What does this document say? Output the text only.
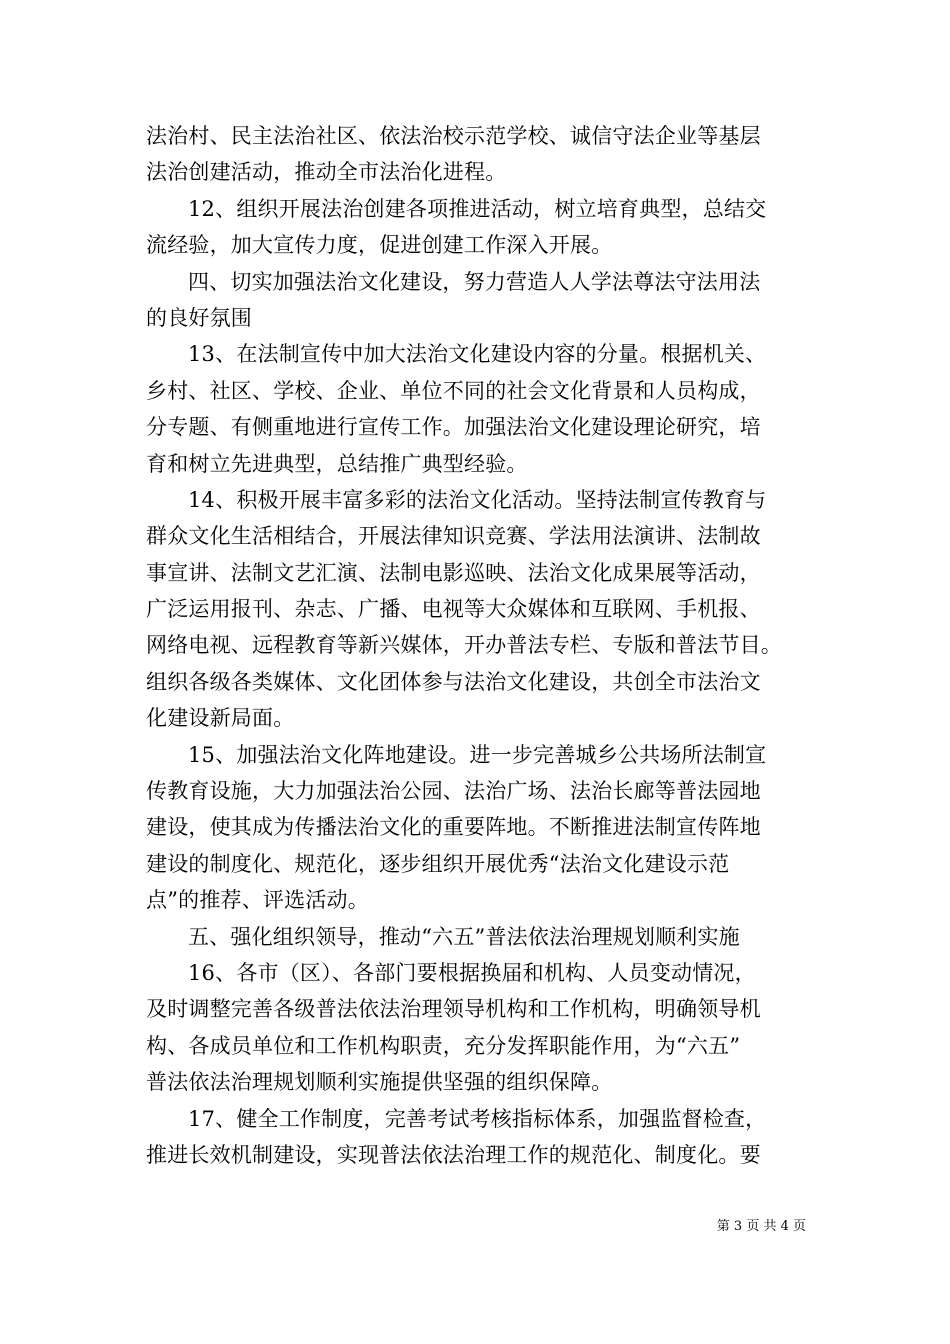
法治村、民主法治社区、依法治校示范学校、诚信守法企业等基层
法治创建活动，推动全市法治化进程。
12、组织开展法治创建各项推进活动，树立培育典型，总结交
流经验，加大宣传力度，促进创建工作深入开展。
四、切实加强法治文化建设，努力营造人人学法尊法守法用法
的良好氛围
13、在法制宣传中加大法治文化建设内容的分量。根据机关、
乡村、社区、学校、企业、单位不同的社会文化背景和人员构成，
分专题、有侧重地进行宣传工作。加强法治文化建设理论研究，培
育和树立先进典型，总结推广典型经验。
14、积极开展丰富多彩的法治文化活动。坚持法制宣传教育与
群众文化生活相结合，开展法律知识竞赛、学法用法演讲、法制故
事宣讲、法制文艺汇演、法制电影巡映、法治文化成果展等活动，
广泛运用报刊、杂志、广播、电视等大众媒体和互联网、手机报、
网络电视、远程教育等新兴媒体，开办普法专栏、专版和普法节目。
组织各级各类媒体、文化团体参与法治文化建设，共创全市法治文
化建设新局面。
15、加强法治文化阵地建设。进一步完善城乡公共场所法制宣
传教育设施，大力加强法治公园、法治广场、法治长廊等普法园地
建设，使其成为传播法治文化的重要阵地。不断推进法制宣传阵地
建设的制度化、规范化，逐步组织开展优秀“法治文化建设示范
点”的推荐、评选活动。
五、强化组织领导，推动“六五”普法依法治理规划顺利实施
16、各市（区）、各部门要根据换届和机构、人员变动情况，
及时调整完善各级普法依法治理领导机构和工作机构，明确领导机
构、各成员单位和工作机构职责，充分发挥职能作用，为“六五”
普法依法治理规划顺利实施提供坚强的组织保障。
17、健全工作制度，完善考试考核指标体系，加强监督检查，
推进长效机制建设，实现普法依法治理工作的规范化、制度化。要
第 3 页 共 4 页
